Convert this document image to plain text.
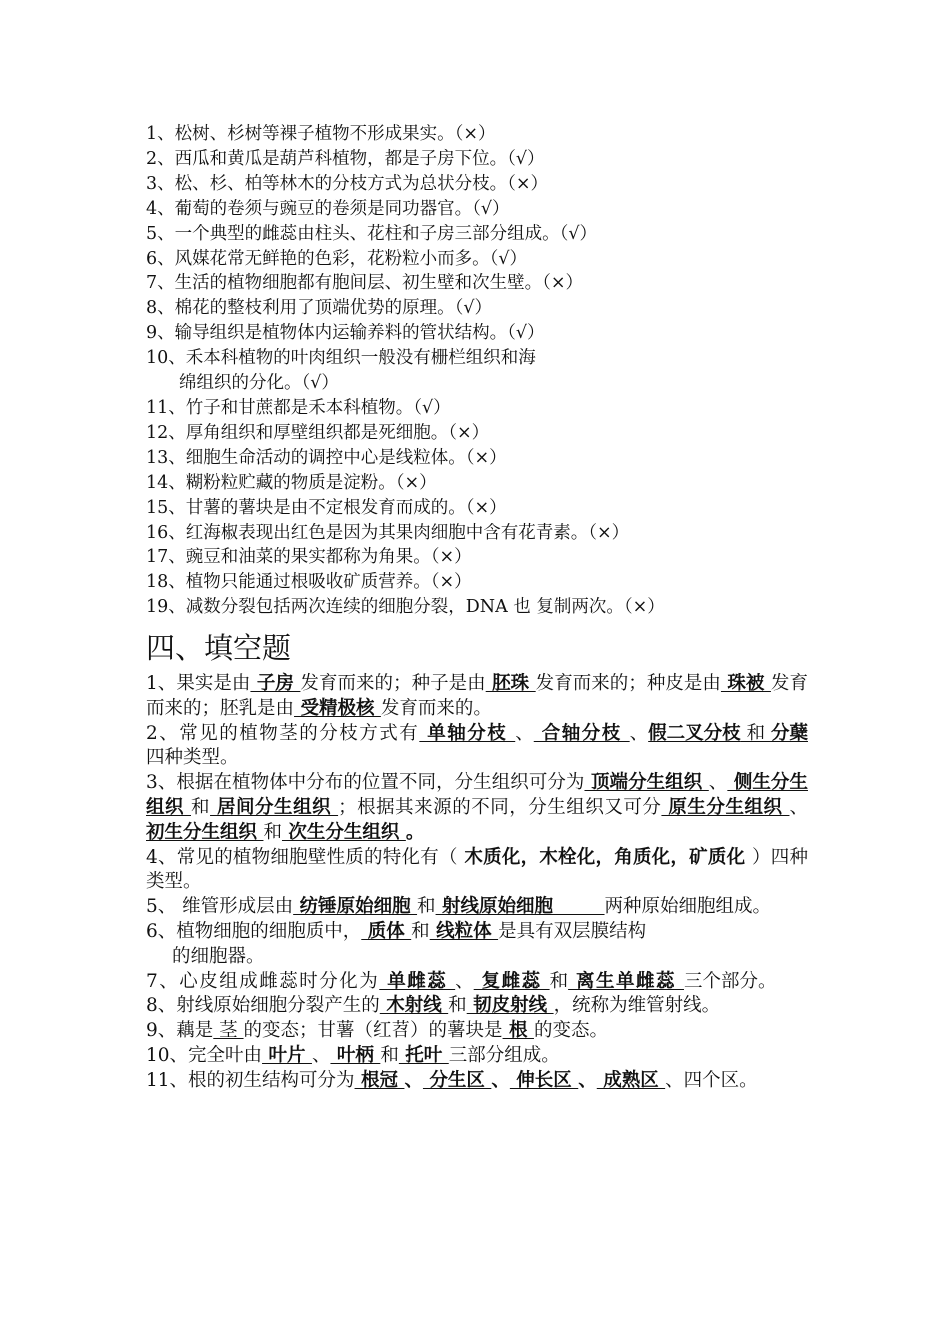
1、松树、杉树等裸子植物不形成果实。（×）
2、西瓜和黄瓜是葫芦科植物，都是子房下位。（√）
3、松、杉、柏等林木的分枝方式为总状分枝。（×）
4、葡萄的卷须与豌豆的卷须是同功器官。（√）
5、一个典型的雌蕊由柱头、花柱和子房三部分组成。（√）
6、风媒花常无鲜艳的色彩，花粉粒小而多。（√）
7、生活的植物细胞都有胞间层、初生壁和次生壁。（×）
8、棉花的整枝利用了顶端优势的原理。（√）
9、输导组织是植物体内运输养料的管状结构。（√）
10、禾本科植物的叶肉组织一般没有栅栏组织和海
绵组织的分化。（√）
11、竹子和甘蔗都是禾本科植物。（√）
12、厚角组织和厚壁组织都是死细胞。（×）
13、细胞生命活动的调控中心是线粒体。（×）
14、糊粉粒贮藏的物质是淀粉。（×）
15、甘薯的薯块是由不定根发育而成的。（×）
16、红海椒表现出红色是因为其果肉细胞中含有花青素。（×）
17、豌豆和油菜的果实都称为角果。（×）
18、植物只能通过根吸收矿质营养。（×）
19、减数分裂包括两次连续的细胞分裂，DNA 也 复制两次。（×）
四、填空题
1、果实是由 子房 发育而来的；种子是由 胚珠 发育而来的；种皮是由 珠被 发育而来的；胚乳是由 受精极核 发育而来的。
2、常见的植物茎的分枝方式有 单轴分枝 、 合轴分枝 、假二叉分枝 和 分蘖 四种类型。
3、根据在植物体中分布的位置不同，分生组织可分为 顶端分生组织 、 侧生分生组织 和 居间分生组织 ；根据其来源的不同，分生组织又可分 原生分生组织 、 初生分生组织 和 次生分生组织 。
4、常见的植物细胞壁性质的特化有（ 木质化，木栓化，角质化，矿质化 ）四种类型。
5、 维管形成层由 纺锤原始细胞 和 射线原始细胞        两种原始细胞组成。
6、植物细胞的细胞质中， 质体 和 线粒体 是具有双层膜结构
的细胞器。
7、心皮组成雌蕊时分化为 单雌蕊 、 复雌蕊 和 离生单雌蕊 三个部分。
8、射线原始细胞分裂产生的 木射线 和 韧皮射线 ，统称为维管射线。
9、藕是 茎 的变态；甘薯（红苕）的薯块是 根 的变态。
10、完全叶由 叶片 、 叶柄 和 托叶 三部分组成。
11、根的初生结构可分为 根冠 、 分生区 、 伸长区 、 成熟区 、四个区。
